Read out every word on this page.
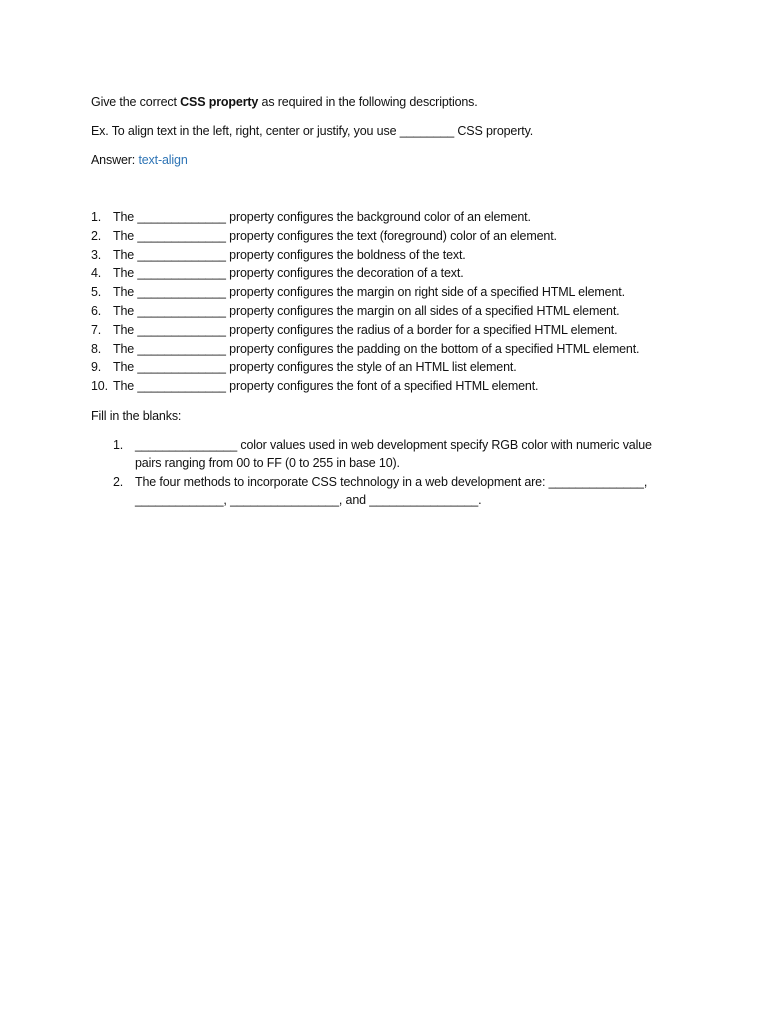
Give the correct CSS property as required in the following descriptions.

Ex. To align text in the left, right, center or justify, you use ________ CSS property.

Answer: text-align

1. The _____________ property configures the background color of an element.
2. The _____________ property configures the text (foreground) color of an element.
3. The _____________ property configures the boldness of the text.
4. The _____________ property configures the decoration of a text.
5. The _____________ property configures the margin on right side of a specified HTML element.
6. The _____________ property configures the margin on all sides of a specified HTML element.
7. The _____________ property configures the radius of a border for a specified HTML element.
8. The _____________ property configures the padding on the bottom of a specified HTML element.
9. The _____________ property configures the style of an HTML list element.
10. The _____________ property configures the font of a specified HTML element.

Fill in the blanks:

1. _______________ color values used in web development specify RGB color with numeric value pairs ranging from 00 to FF (0 to 255 in base 10).
2. The four methods to incorporate CSS technology in a web development are: ______________, _____________, ________________, and ________________.
